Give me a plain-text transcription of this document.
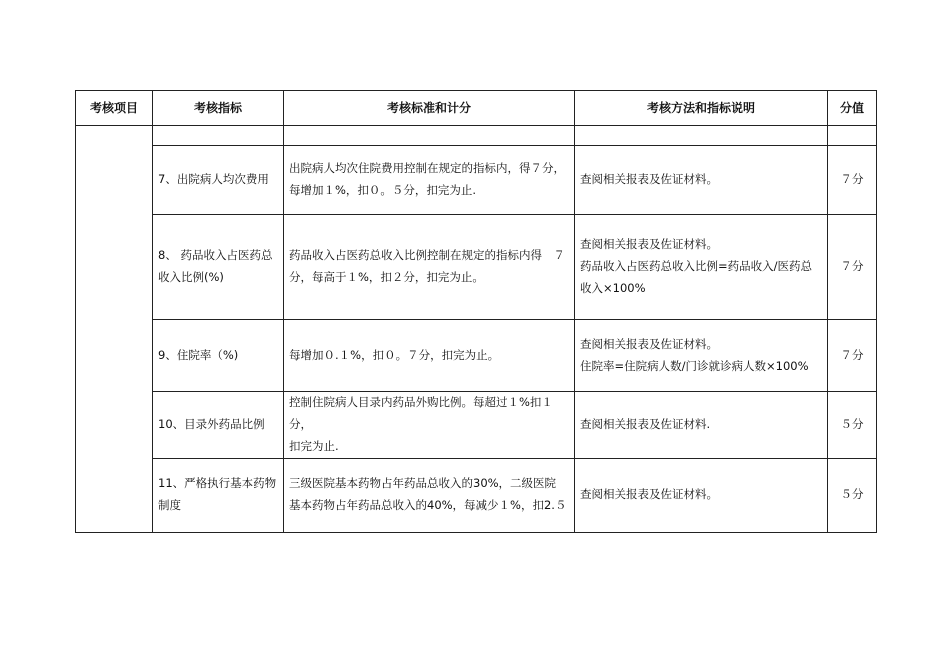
考核项目	考核指标	考核标准和计分	考核方法和指标说明	分值

	7、出院病人均次费用	出院病人均次住院费用控制在规定的指标内，得７分，
每增加１%，扣０。５分，扣完为止.	查阅相关报表及佐证材料。	７分

	8、 药品收入占医药总
收入比例(%)	药品收入占医药总收入比例控制在规定的指标内得　７
分，每高于１%，扣２分，扣完为止。	查阅相关报表及佐证材料。
药品收入占医药总收入比例=药品收入/医药总
收入×100%	７分

	9、住院率（%)	每增加０.１%，扣０。７分，扣完为止。	查阅相关报表及佐证材料。
住院率=住院病人数/门诊就诊病人数×100%	７分

	10、目录外药品比例	控制住院病人目录内药品外购比例。每超过１%扣１分，
扣完为止.	查阅相关报表及佐证材料.	５分

	11、严格执行基本药物
制度	三级医院基本药物占年药品总收入的30%，二级医院
基本药物占年药品总收入的40%，每减少１%，扣2.５	查阅相关报表及佐证材料。	５分
